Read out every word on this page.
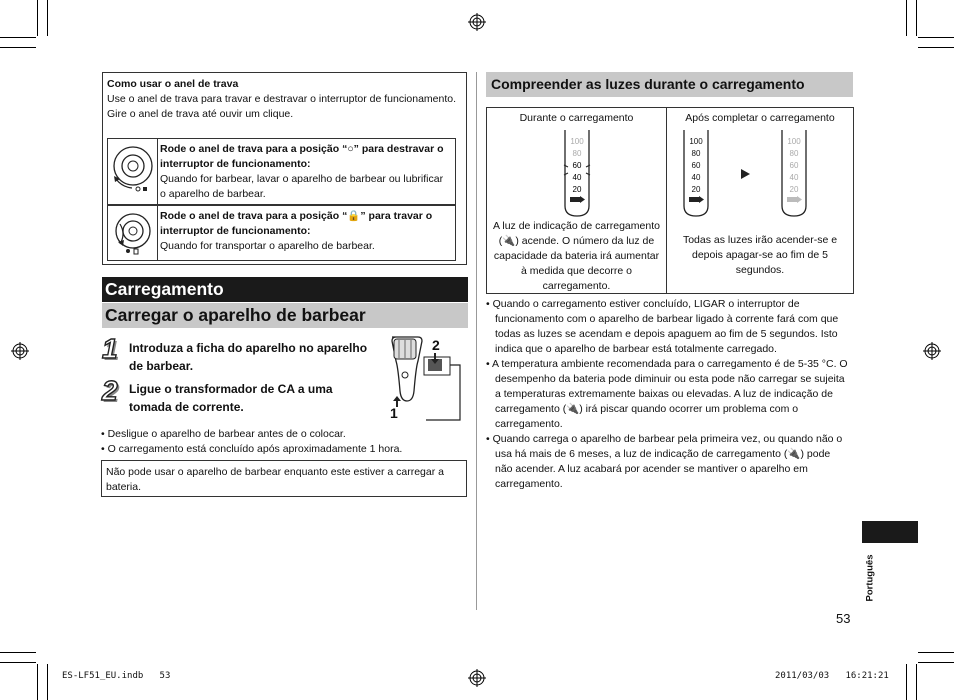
Como usar o anel de trava
Use o anel de trava para travar e destravar o interruptor de funcionamento.
Gire o anel de trava até ouvir um clique.
Rode o anel de trava para a posição “○” para destravar o interruptor de funcionamento:
Quando for barbear, lavar o aparelho de barbear ou lubrificar o aparelho de barbear.
Rode o anel de trava para a posição “🔒” para travar o interruptor de funcionamento:
Quando for transportar o aparelho de barbear.
Carregamento
Carregar o aparelho de barbear
1 Introduza a ficha do aparelho no aparelho de barbear.
2 Ligue o transformador de CA a uma tomada de corrente.
2
1
• Desligue o aparelho de barbear antes de o colocar.
• O carregamento está concluído após aproximadamente 1 hora.
Não pode usar o aparelho de barbear enquanto este estiver a carregar a bateria.
Compreender as luzes durante o carregamento
Durante o carregamento
100
80
60
40
20
A luz de indicação de carregamento (🔌) acende. O número da luz de capacidade da bateria irá aumentar à medida que decorre o carregamento.
Após completar o carregamento
100
80
60
40
20
100
80
60
40
20
Todas as luzes irão acender-se e depois apagar-se ao fim de 5 segundos.
• Quando o carregamento estiver concluído, LIGAR o interruptor de funcionamento com o aparelho de barbear ligado à corrente fará com que todas as luzes se acendam e depois apaguem ao fim de 5 segundos. Isto indica que o aparelho de barbear está totalmente carregado.
• A temperatura ambiente recomendada para o carregamento é de 5-35 °C. O desempenho da bateria pode diminuir ou esta pode não carregar se sujeita a temperaturas extremamente baixas ou elevadas. A luz de indicação de carregamento (🔌) irá piscar quando ocorrer um problema com o carregamento.
• Quando carrega o aparelho de barbear pela primeira vez, ou quando não o usa há mais de 6 meses, a luz de indicação de carregamento (🔌) pode não acender. A luz acabará por acender se mantiver o aparelho em carregamento.
Português
53
ES-LF51_EU.indb   53	2011/03/03   16:21:21
